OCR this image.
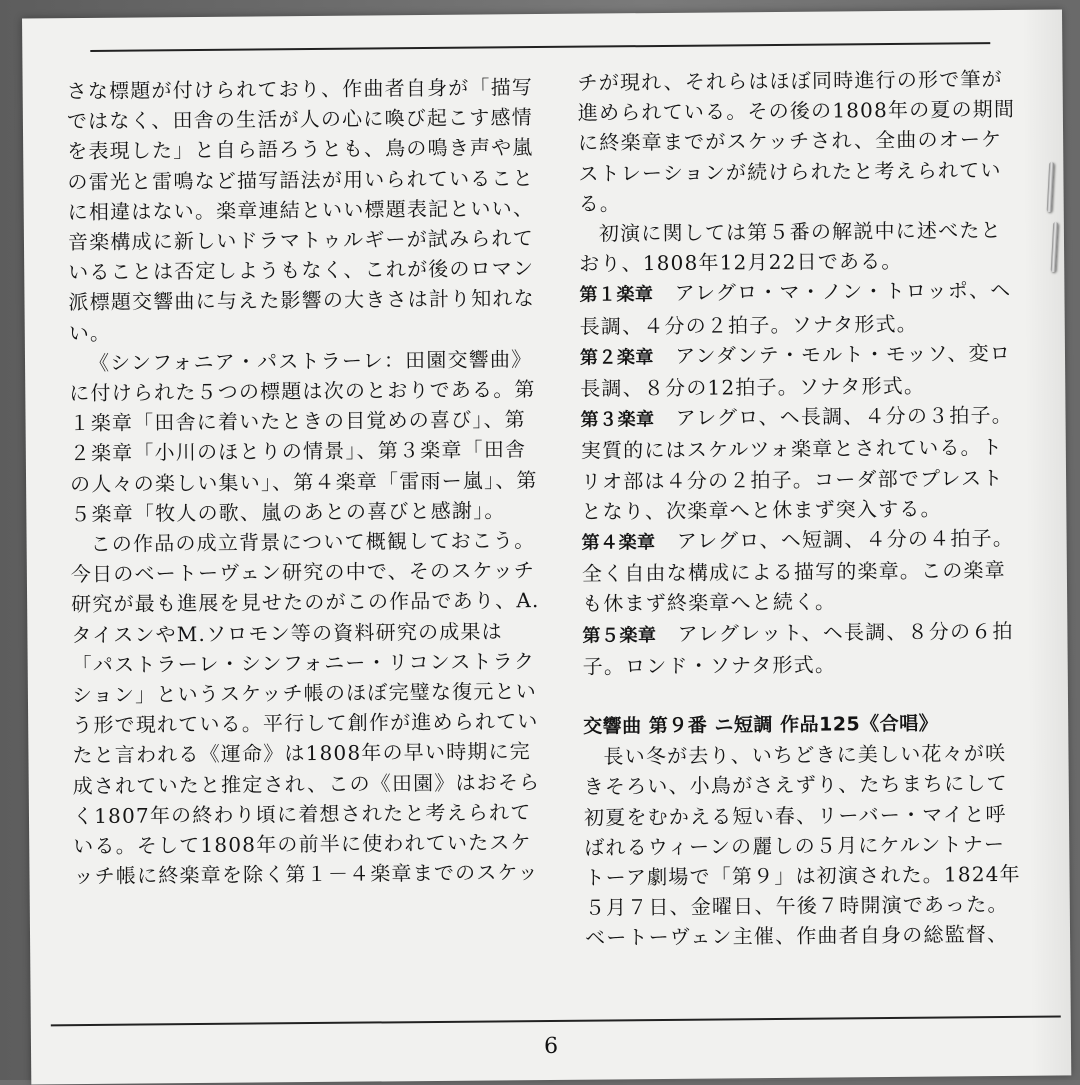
さな標題が付けられており、作曲者自身が「描写ではなく、田舎の生活が人の心に喚び起こす感情を表現した」と自ら語ろうとも、鳥の鳴き声や嵐の雷光と雷鳴など描写語法が用いられていることに相違はない。楽章連結といい標題表記といい、音楽構成に新しいドラマトゥルギーが試みられていることは否定しようもなく、これが後のロマン派標題交響曲に与えた影響の大きさは計り知れない。

《シンフォニア・パストラーレ：田園交響曲》に付けられた５つの標題は次のとおりである。第１楽章「田舎に着いたときの目覚めの喜び」、第２楽章「小川のほとりの情景」、第３楽章「田舎の人々の楽しい集い」、第４楽章「雷雨ー嵐」、第５楽章「牧人の歌、嵐のあとの喜びと感謝」。

この作品の成立背景について概観しておこう。今日のベートーヴェン研究の中で、そのスケッチ研究が最も進展を見せたのがこの作品であり、A.タイスンやM.ソロモン等の資料研究の成果は「パストラーレ・シンフォニー・リコンストラクション」というスケッチ帳のほぼ完璧な復元という形で現れている。平行して創作が進められていたと言われる《運命》は1808年の早い時期に完成されていたと推定され、この《田園》はおそらく1807年の終わり頃に着想されたと考えられている。そして1808年の前半に使われていたスケッチ帳に終楽章を除く第１－４楽章までのスケッ

チが現れ、それらはほぼ同時進行の形で筆が進められている。その後の1808年の夏の期間に終楽章までがスケッチされ、全曲のオーケストレーションが続けられたと考えられている。

初演に関しては第５番の解説中に述べたとおり、1808年12月22日である。

第１楽章　 アレグロ・マ・ノン・トロッポ、ヘ長調、４分の２拍子。ソナタ形式。

第２楽章　 アンダンテ・モルト・モッソ、変ロ長調、８分の12拍子。ソナタ形式。

第３楽章　 アレグロ、ヘ長調、４分の３拍子。実質的にはスケルツォ楽章とされている。トリオ部は４分の２拍子。コーダ部でプレストとなり、次楽章へと休まず突入する。

第４楽章　 アレグロ、ヘ短調、４分の４拍子。全く自由な構成による描写的楽章。この楽章も休まず終楽章へと続く。

第５楽章　 アレグレット、ヘ長調、８分の６拍子。ロンド・ソナタ形式。

交響曲 第９番 ニ短調 作品125《合唱》

長い冬が去り、いちどきに美しい花々が咲きそろい、小鳥がさえずり、たちまちにして初夏をむかえる短い春、リーバー・マイと呼ばれるウィーンの麗しの５月にケルントナートーア劇場で「第９」は初演された。1824年５月７日、金曜日、午後７時開演であった。ベートーヴェン主催、作曲者自身の総監督、

6
